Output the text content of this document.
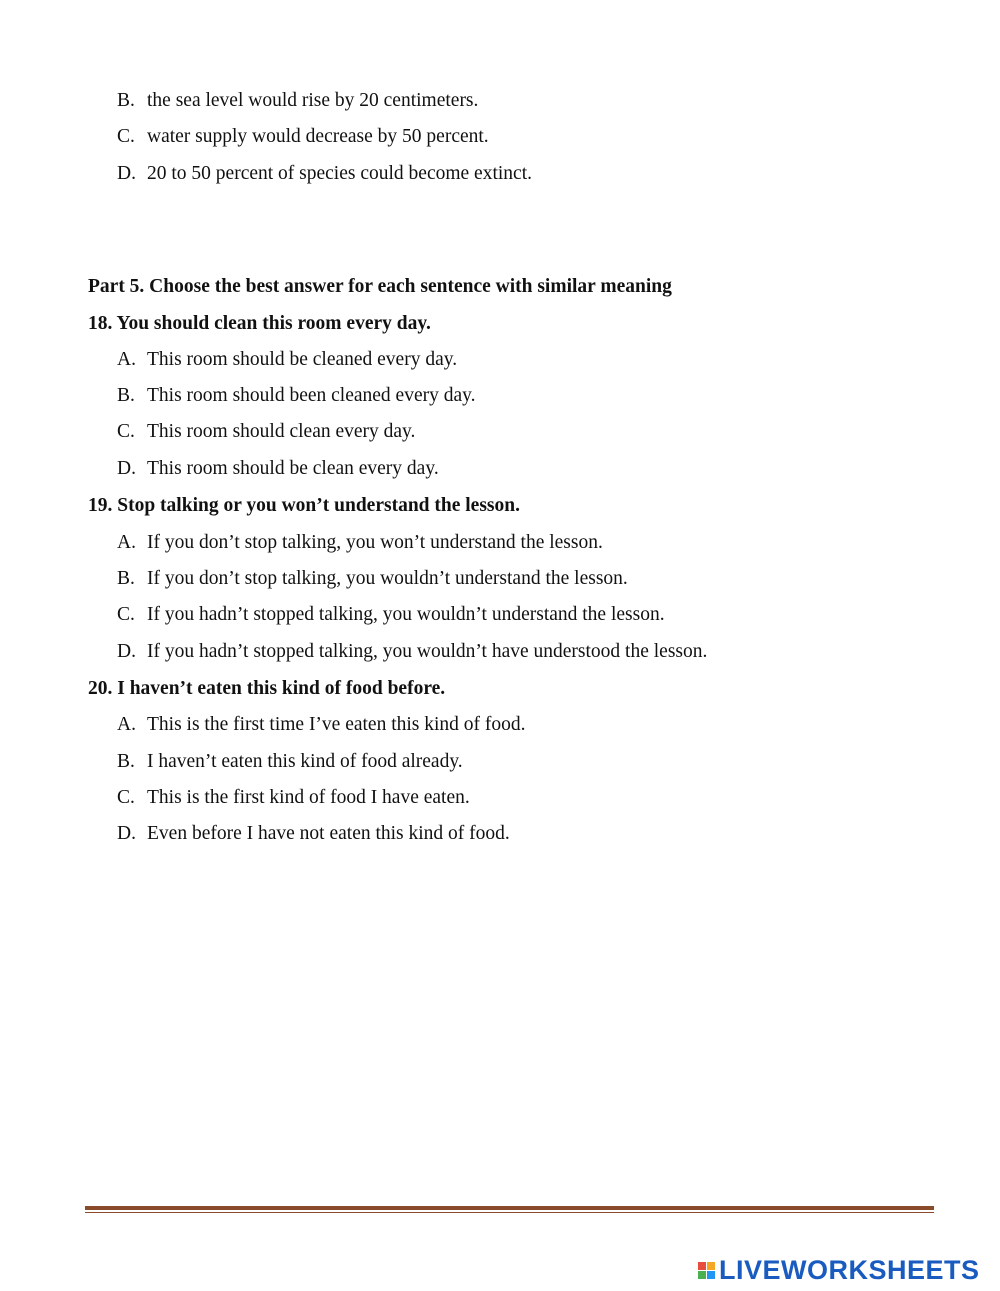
B. the sea level would rise by 20 centimeters.
C. water supply would decrease by 50 percent.
D. 20 to 50 percent of species could become extinct.
Part 5. Choose the best answer for each sentence with similar meaning
18. You should clean this room every day.
A. This room should be cleaned every day.
B. This room should been cleaned every day.
C. This room should clean every day.
D. This room should be clean every day.
19. Stop talking or you won’t understand the lesson.
A. If you don’t stop talking, you won’t understand the lesson.
B. If you don’t stop talking, you wouldn’t understand the lesson.
C. If you hadn’t stopped talking, you wouldn’t understand the lesson.
D. If you hadn’t stopped talking, you wouldn’t have understood the lesson.
20. I haven’t eaten this kind of food before.
A. This is the first time I’ve eaten this kind of food.
B. I haven’t eaten this kind of food already.
C. This is the first kind of food I have eaten.
D. Even before I have not eaten this kind of food.
LIVEWORKSHEETS
